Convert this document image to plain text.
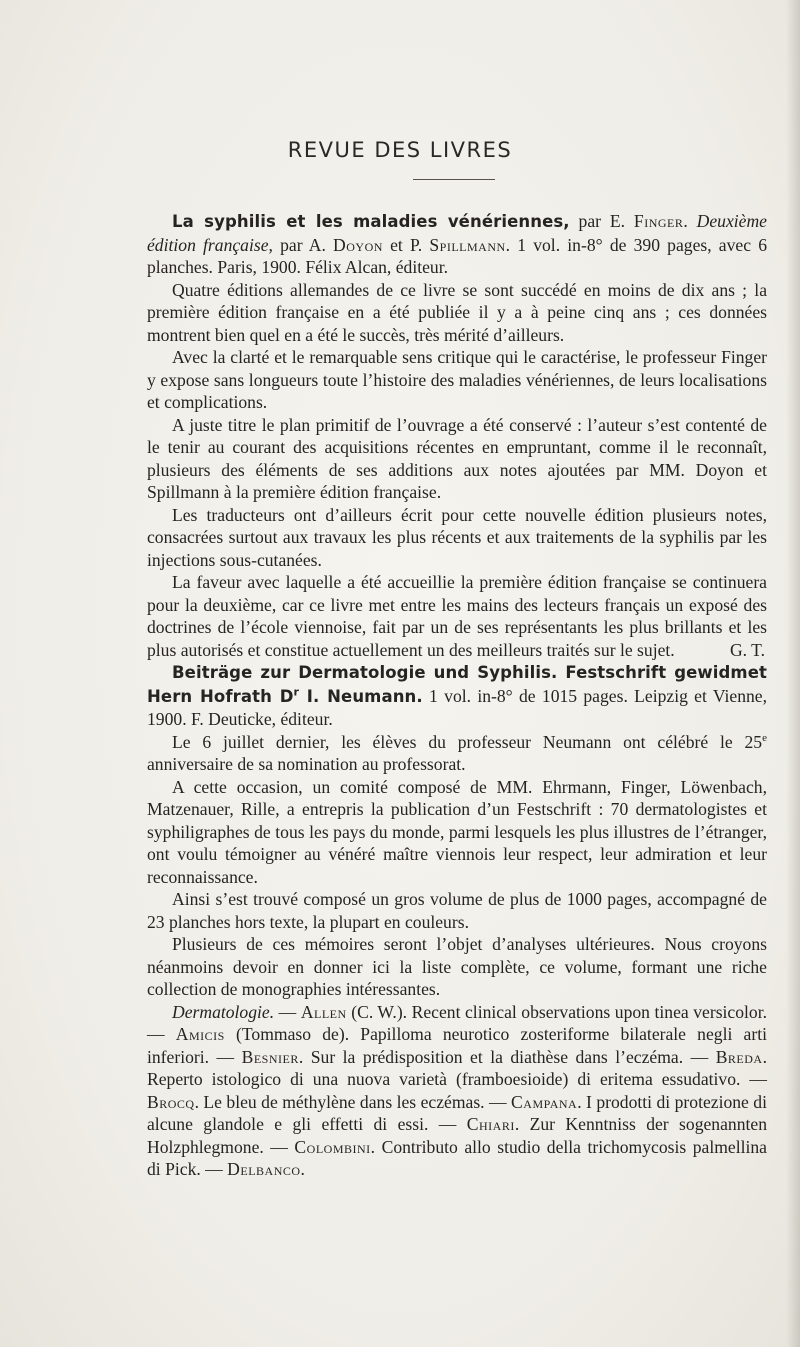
REVUE DES LIVRES

La syphilis et les maladies vénériennes, par E. Finger. Deuxième édition française, par A. Doyon et P. Spillmann. 1 vol. in-8° de 390 pages, avec 6 planches. Paris, 1900. Félix Alcan, éditeur.

Quatre éditions allemandes de ce livre se sont succédé en moins de dix ans ; la première édition française en a été publiée il y a à peine cinq ans ; ces données montrent bien quel en a été le succès, très mérité d’ailleurs.

Avec la clarté et le remarquable sens critique qui le caractérise, le professeur Finger y expose sans longueurs toute l’histoire des maladies vénériennes, de leurs localisations et complications.

A juste titre le plan primitif de l’ouvrage a été conservé : l’auteur s’est contenté de le tenir au courant des acquisitions récentes en empruntant, comme il le reconnaît, plusieurs des éléments de ses additions aux notes ajoutées par MM. Doyon et Spillmann à la première édition française.

Les traducteurs ont d’ailleurs écrit pour cette nouvelle édition plusieurs notes, consacrées surtout aux travaux les plus récents et aux traitements de la syphilis par les injections sous-cutanées.

La faveur avec laquelle a été accueillie la première édition française se continuera pour la deuxième, car ce livre met entre les mains des lecteurs français un exposé des doctrines de l’école viennoise, fait par un de ses représentants les plus brillants et les plus autorisés et constitue actuellement un des meilleurs traités sur le sujet.	G. T.

Beiträge zur Dermatologie und Syphilis. Festschrift gewidmet Hern Hofrath $D^r$ I. Neumann. 1 vol. in-8° de 1015 pages. Leipzig et Vienne, 1900. F. Deuticke, éditeur.

Le 6 juillet dernier, les élèves du professeur Neumann ont célébré le 25e anniversaire de sa nomination au professorat.

A cette occasion, un comité composé de MM. Ehrmann, Finger, Löwenbach, Matzenauer, Rille, a entrepris la publication d’un Festschrift : 70 dermatologistes et syphiligraphes de tous les pays du monde, parmi lesquels les plus illustres de l’étranger, ont voulu témoigner au vénéré maître viennois leur respect, leur admiration et leur reconnaissance.

Ainsi s’est trouvé composé un gros volume de plus de 1000 pages, accompagné de 23 planches hors texte, la plupart en couleurs.

Plusieurs de ces mémoires seront l’objet d’analyses ultérieures. Nous croyons néanmoins devoir en donner ici la liste complète, ce volume, formant une riche collection de monographies intéressantes.

Dermatologie. — Allen (C. W.). Recent clinical observations upon tinea versicolor. — Amicis (Tommaso de). Papilloma neurotico zosteriforme bilaterale negli arti inferiori. — Besnier. Sur la prédisposition et la diathèse dans l’eczéma. — Breda. Reperto istologico di una nuova varietà (framboesioide) di eritema essudativo. — Brocq. Le bleu de méthylène dans les eczémas. — Campana. I prodotti di protezione di alcune glandole e gli effetti di essi. — Chiari. Zur Kenntniss der sogenannten Holzphlegmone. — Colombini. Contributo allo studio della trichomycosis palmellina di Pick. — Delbanco.
